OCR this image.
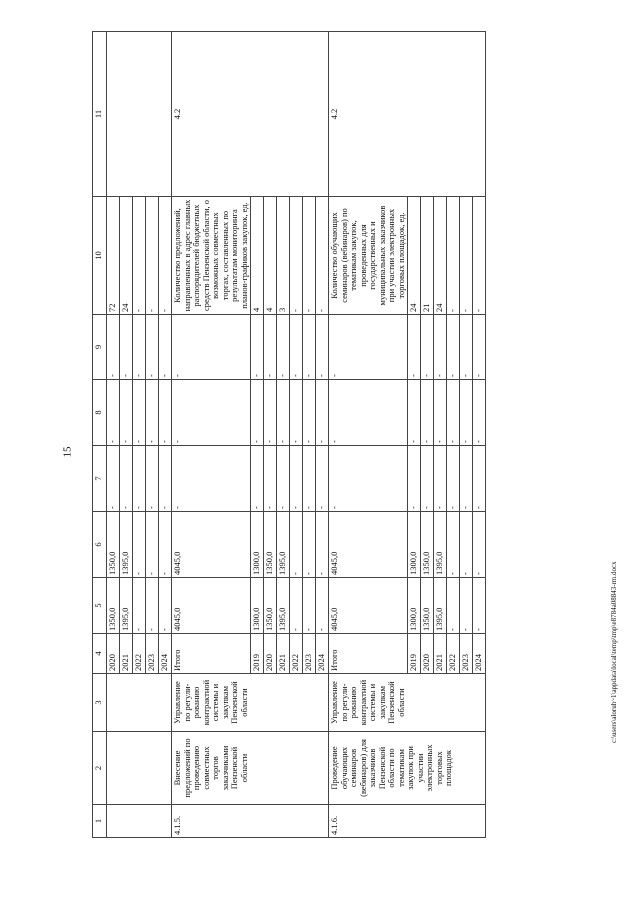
15
c:\users\aloruh~1\appdata\local\temp\tmp\e8784a08843-rm.docx
1	2	3	4	5	6	7	8	9	10	11
			2020	1350,0	1350,0	-	-	-	72	
			2021	1395,0	1395,0	-	-	-	24	
			2022	-	-	-	-	-	-	
			2023	-	-	-	-	-	-	
			2024	-	-	-	-	-	-	
4.1.5.	Внесение предложений по проведению совместных торгов заказчиками Пензенской области	Управление по регули-рованию контрактной системы и закупкам Пензенской области	Итого	4045,0	4045,0	-	-	-	Количество предложений, направленных в адрес главных распорядителей бюджетных средств Пензенской области, о возможных совместных торгах, составленных по результатам мониторинга планов-графиков закупок, ед.	4.2
			2019	1300,0	1300,0	-	-	-	4	
			2020	1350,0	1350,0	-	-	-	4	
			2021	1395,0	1395,0	-	-	-	3	
			2022	-	-	-	-	-	-	
			2023	-	-	-	-	-	-	
			2024	-	-	-	-	-	-	
4.1.6.	Проведение обучающих семинаров (вебинаров) для заказчиков Пензенской области по тематикам закупок при участии электронных торговых площадок	Управление по регули-рованию контрактной системы и закупкам Пензенской области	Итого	4045,0	4045,0	-	-	-	Количество обучающих семинаров (вебинаров) по тематикам закупок, проведенных для государственных и муниципальных заказчиков при участии электронных торговых площадок, ед.	4.2
			2019	1300,0	1300,0	-	-	-	24	
			2020	1350,0	1350,0	-	-	-	21	
			2021	1395,0	1395,0	-	-	-	24	
			2022	-	-	-	-	-	-	
			2023	-	-	-	-	-	-	
			2024	-	-	-	-	-	-	
